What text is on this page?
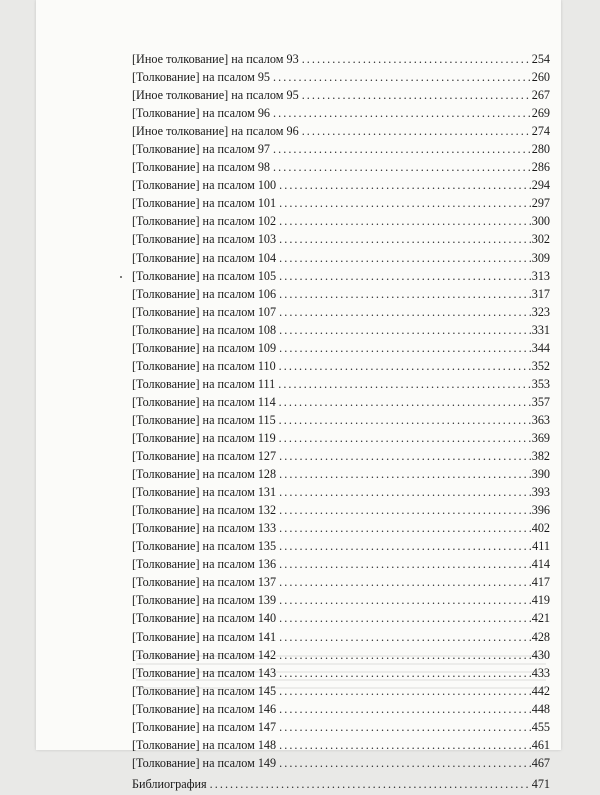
[Иное толкование] на псалом 93 . . .	254
[Толкование] на псалом 95 . . .	260
[Иное толкование] на псалом 95 . . .	267
[Толкование] на псалом 96 . . .	269
[Иное толкование] на псалом 96 . . .	274
[Толкование] на псалом 97 . . .	280
[Толкование] на псалом 98 . . .	286
[Толкование] на псалом 100 . . .	294
[Толкование] на псалом 101 . . .	297
[Толкование] на псалом 102 . . .	300
[Толкование] на псалом 103 . . .	302
[Толкование] на псалом 104 . . .	309
[Толкование] на псалом 105 . . .	313
[Толкование] на псалом 106 . . .	317
[Толкование] на псалом 107 . . .	323
[Толкование] на псалом 108 . . .	331
[Толкование] на псалом 109 . . .	344
[Толкование] на псалом 110 . . .	352
[Толкование] на псалом 111 . . .	353
[Толкование] на псалом 114 . . .	357
[Толкование] на псалом 115 . . .	363
[Толкование] на псалом 119 . . .	369
[Толкование] на псалом 127 . . .	382
[Толкование] на псалом 128 . . .	390
[Толкование] на псалом 131 . . .	393
[Толкование] на псалом 132 . . .	396
[Толкование] на псалом 133 . . .	402
[Толкование] на псалом 135 . . .	411
[Толкование] на псалом 136 . . .	414
[Толкование] на псалом 137 . . .	417
[Толкование] на псалом 139 . . .	419
[Толкование] на псалом 140 . . .	421
[Толкование] на псалом 141 . . .	428
[Толкование] на псалом 142 . . .	430
[Толкование] на псалом 143 . . .	433
[Толкование] на псалом 145 . . .	442
[Толкование] на псалом 146 . . .	448
[Толкование] на псалом 147 . . .	455
[Толкование] на псалом 148 . . .	461
[Толкование] на псалом 149 . . .	467
Библиография . . .	471
